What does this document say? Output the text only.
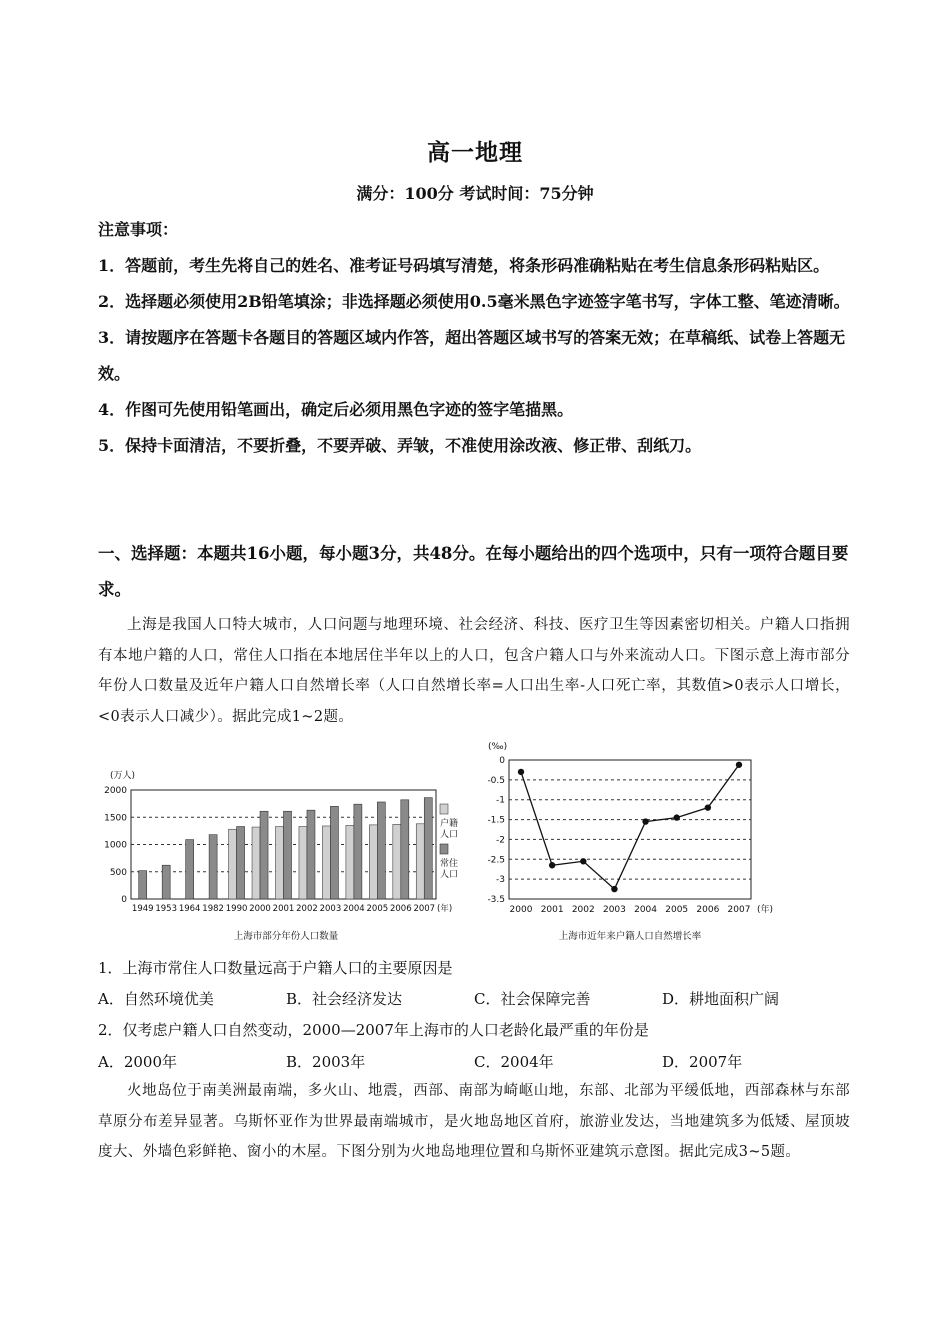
高一地理
满分：100分 考试时间：75分钟
注意事项：

1．答题前，考生先将自己的姓名、准考证号码填写清楚，将条形码准确粘贴在考生信息条形码粘贴区。

2．选择题必须使用2B铅笔填涂；非选择题必须使用0.5毫米黑色字迹签字笔书写，字体工整、笔迹清晰。

3．请按题序在答题卡各题目的答题区域内作答，超出答题区域书写的答案无效；在草稿纸、试卷上答题无效。

4．作图可先使用铅笔画出，确定后必须用黑色字迹的签字笔描黑。

5．保持卡面清洁，不要折叠，不要弄破、弄皱，不准使用涂改液、修正带、刮纸刀。

一、选择题：本题共16小题，每小题3分，共48分。在每小题给出的四个选项中，只有一项符合题目要求。
上海是我国人口特大城市，人口问题与地理环境、社会经济、科技、医疗卫生等因素密切相关。户籍人口指拥有本地户籍的人口，常住人口指在本地居住半年以上的人口，包含户籍人口与外来流动人口。下图示意上海市部分年份人口数量及近年户籍人口自然增长率（人口自然增长率=人口出生率-人口死亡率，其数值>0表示人口增长，<0表示人口减少）。据此完成1~2题。
0
500
1000
1500
2000
(万人)
1949 1953 1964 1982 1990 2000 2001 2002 2003 2004 2005 2006 2007 (年)
户籍
人口
常住
人口
上海市部分年份人口数量
0
-0.5
-1
-1.5
-2
-2.5
-3
-3.5
(‰)
2000 2001 2002 2003 2004 2005 2006 2007 (年)
上海市近年来户籍人口自然增长率
1．上海市常住人口数量远高于户籍人口的主要原因是
A．自然环境优美	B．社会经济发达	C．社会保障完善	D．耕地面积广阔
2．仅考虑户籍人口自然变动，2000—2007年上海市的人口老龄化最严重的年份是
A．2000年	B．2003年	C．2004年	D．2007年
火地岛位于南美洲最南端，多火山、地震，西部、南部为崎岖山地，东部、北部为平缓低地，西部森林与东部草原分布差异显著。乌斯怀亚作为世界最南端城市，是火地岛地区首府，旅游业发达，当地建筑多为低矮、屋顶坡度大、外墙色彩鲜艳、窗小的木屋。下图分别为火地岛地理位置和乌斯怀亚建筑示意图。据此完成3~5题。
